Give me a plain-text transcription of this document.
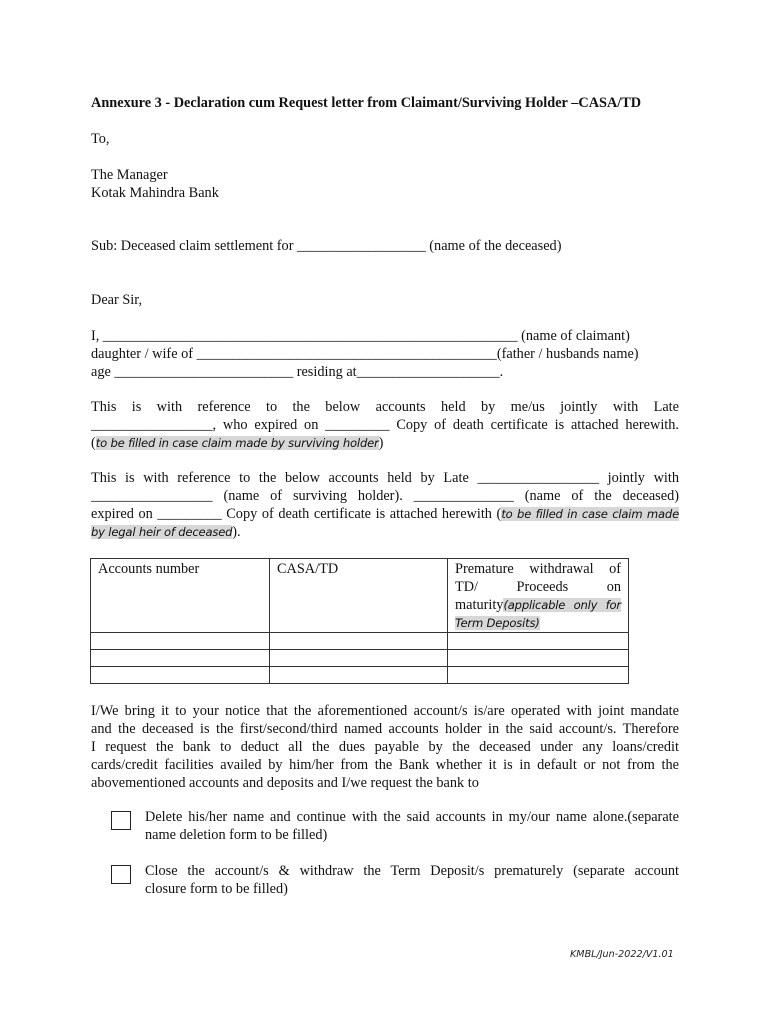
Annexure 3 - Declaration cum Request letter from Claimant/Surviving Holder –CASA/TD
To,
The Manager
Kotak Mahindra Bank
Sub: Deceased claim settlement for __________________ (name of the deceased)
Dear Sir,
I, __________________________________________________________ (name of claimant)
daughter / wife of __________________________________________(father / husbands name)
age _________________________ residing at____________________.
This is with reference to the below accounts held by me/us jointly with Late
_________________, who expired on _________ Copy of death certificate is attached herewith.
(to be filled in case claim made by surviving holder)
This is with reference to the below accounts held by Late _________________ jointly with
_________________ (name of surviving holder). ______________ (name of the deceased)
expired on _________ Copy of death certificate is attached herewith (to be filled in case claim made
by legal heir of deceased).
Accounts number	CASA/TD	Premature withdrawal of
TD/ Proceeds on
maturity(applicable only for
Term Deposits)

I/We bring it to your notice that the aforementioned account/s is/are operated with joint mandate
and the deceased is the first/second/third named accounts holder in the said account/s. Therefore
I request the bank to deduct all the dues payable by the deceased under any loans/credit
cards/credit facilities availed by him/her from the Bank whether it is in default or not from the
abovementioned accounts and deposits and I/we request the bank to
Delete his/her name and continue with the said accounts in my/our name alone.(separate
name deletion form to be filled)
Close the account/s & withdraw the Term Deposit/s prematurely (separate account
closure form to be filled)
KMBL/Jun-2022/V1.01
